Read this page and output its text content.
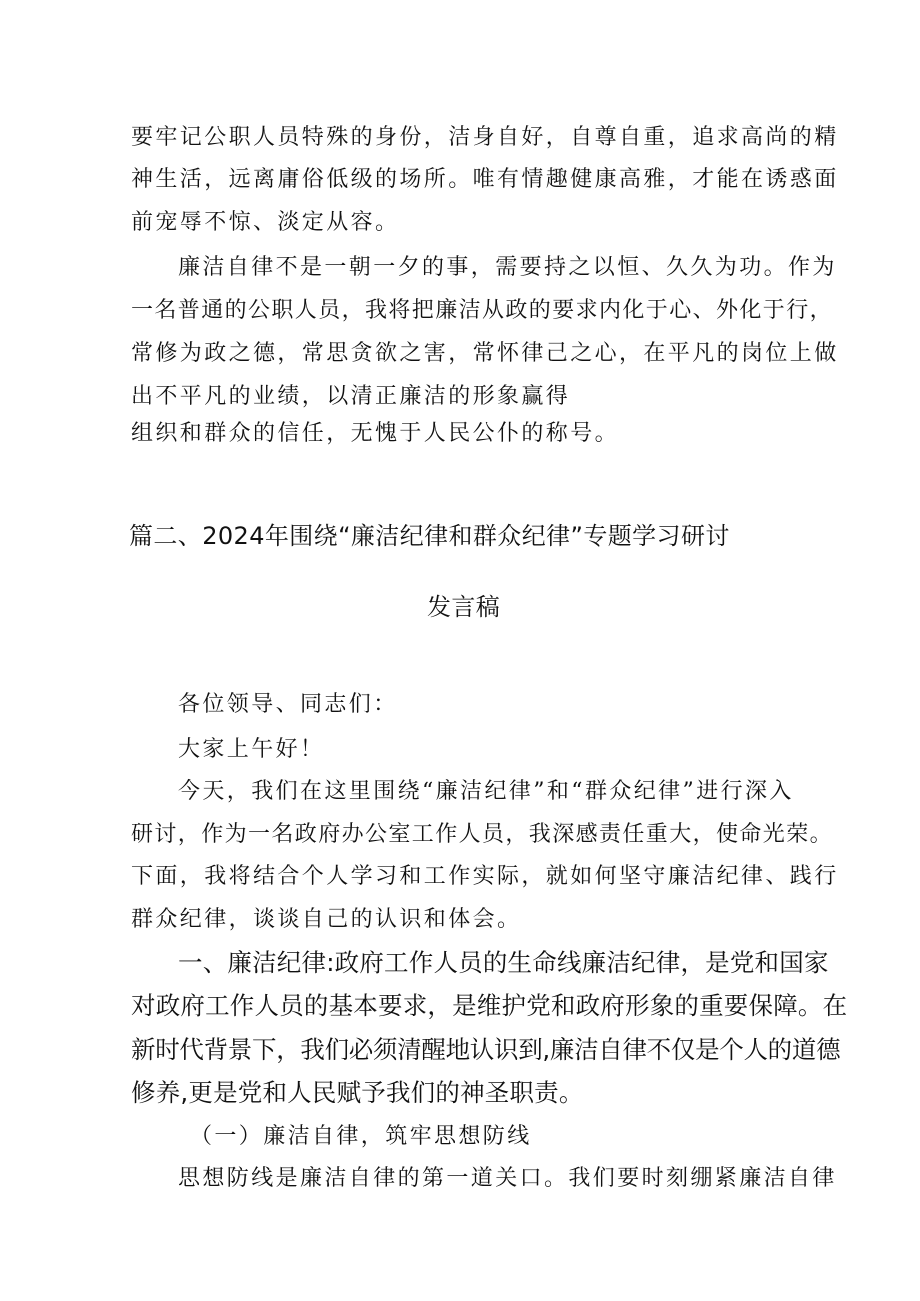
要牢记公职人员特殊的身份，洁身自好，自尊自重，追求高尚的精
神生活，远离庸俗低级的场所。唯有情趣健康高雅，才能在诱惑面
前宠辱不惊、淡定从容。
廉洁自律不是一朝一夕的事，需要持之以恒、久久为功。作为
一名普通的公职人员，我将把廉洁从政的要求内化于心、外化于行，
常修为政之德，常思贪欲之害，常怀律己之心，在平凡的岗位上做
出不平凡的业绩，以清正廉洁的形象赢得
组织和群众的信任，无愧于人民公仆的称号。
篇二、2024年围绕“廉洁纪律和群众纪律”专题学习研讨
发言稿
各位领导、同志们：
大家上午好！
今天，我们在这里围绕“廉洁纪律”和“群众纪律”进行深入
研讨，作为一名政府办公室工作人员，我深感责任重大，使命光荣。
下面，我将结合个人学习和工作实际，就如何坚守廉洁纪律、践行
群众纪律，谈谈自己的认识和体会。
一、廉洁纪律:政府工作人员的生命线廉洁纪律，是党和国家
对政府工作人员的基本要求，是维护党和政府形象的重要保障。在
新时代背景下，我们必须清醒地认识到,廉洁自律不仅是个人的道德
修养,更是党和人民赋予我们的神圣职责。
（一）廉洁自律，筑牢思想防线
思想防线是廉洁自律的第一道关口。我们要时刻绷紧廉洁自律
